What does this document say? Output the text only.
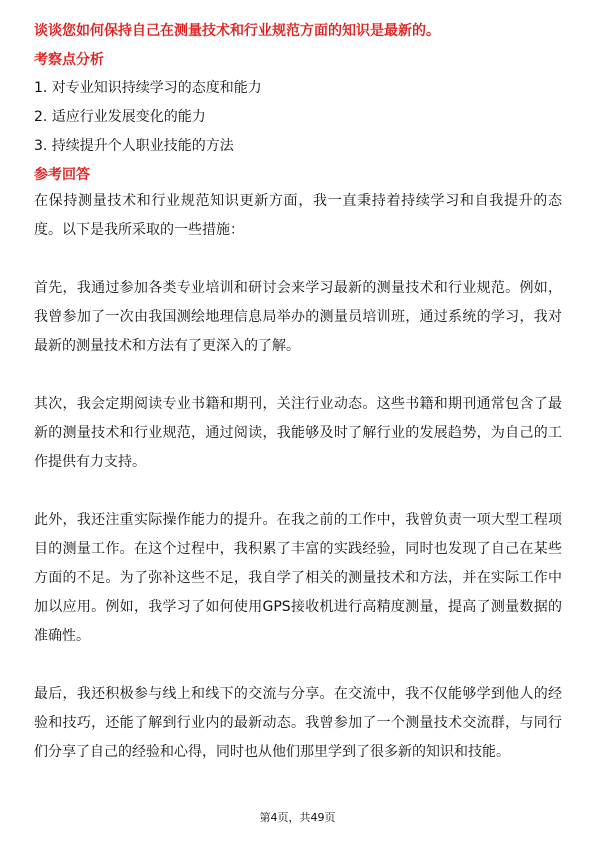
谈谈您如何保持自己在测量技术和行业规范方面的知识是最新的。

考察点分析
1. 对专业知识持续学习的态度和能力
2. 适应行业发展变化的能力
3. 持续提升个人职业技能的方法
参考回答

在保持测量技术和行业规范知识更新方面，我一直秉持着持续学习和自我提升的态度。以下是我所采取的一些措施：

首先，我通过参加各类专业培训和研讨会来学习最新的测量技术和行业规范。例如，我曾参加了一次由我国测绘地理信息局举办的测量员培训班，通过系统的学习，我对最新的测量技术和方法有了更深入的了解。

其次，我会定期阅读专业书籍和期刊，关注行业动态。这些书籍和期刊通常包含了最新的测量技术和行业规范，通过阅读，我能够及时了解行业的发展趋势，为自己的工作提供有力支持。

此外，我还注重实际操作能力的提升。在我之前的工作中，我曾负责一项大型工程项目的测量工作。在这个过程中，我积累了丰富的实践经验，同时也发现了自己在某些方面的不足。为了弥补这些不足，我自学了相关的测量技术和方法，并在实际工作中加以应用。例如，我学习了如何使用GPS接收机进行高精度测量，提高了测量数据的准确性。

最后，我还积极参与线上和线下的交流与分享。在交流中，我不仅能够学到他人的经验和技巧，还能了解到行业内的最新动态。我曾参加了一个测量技术交流群，与同行们分享了自己的经验和心得，同时也从他们那里学到了很多新的知识和技能。

第4页，共49页
